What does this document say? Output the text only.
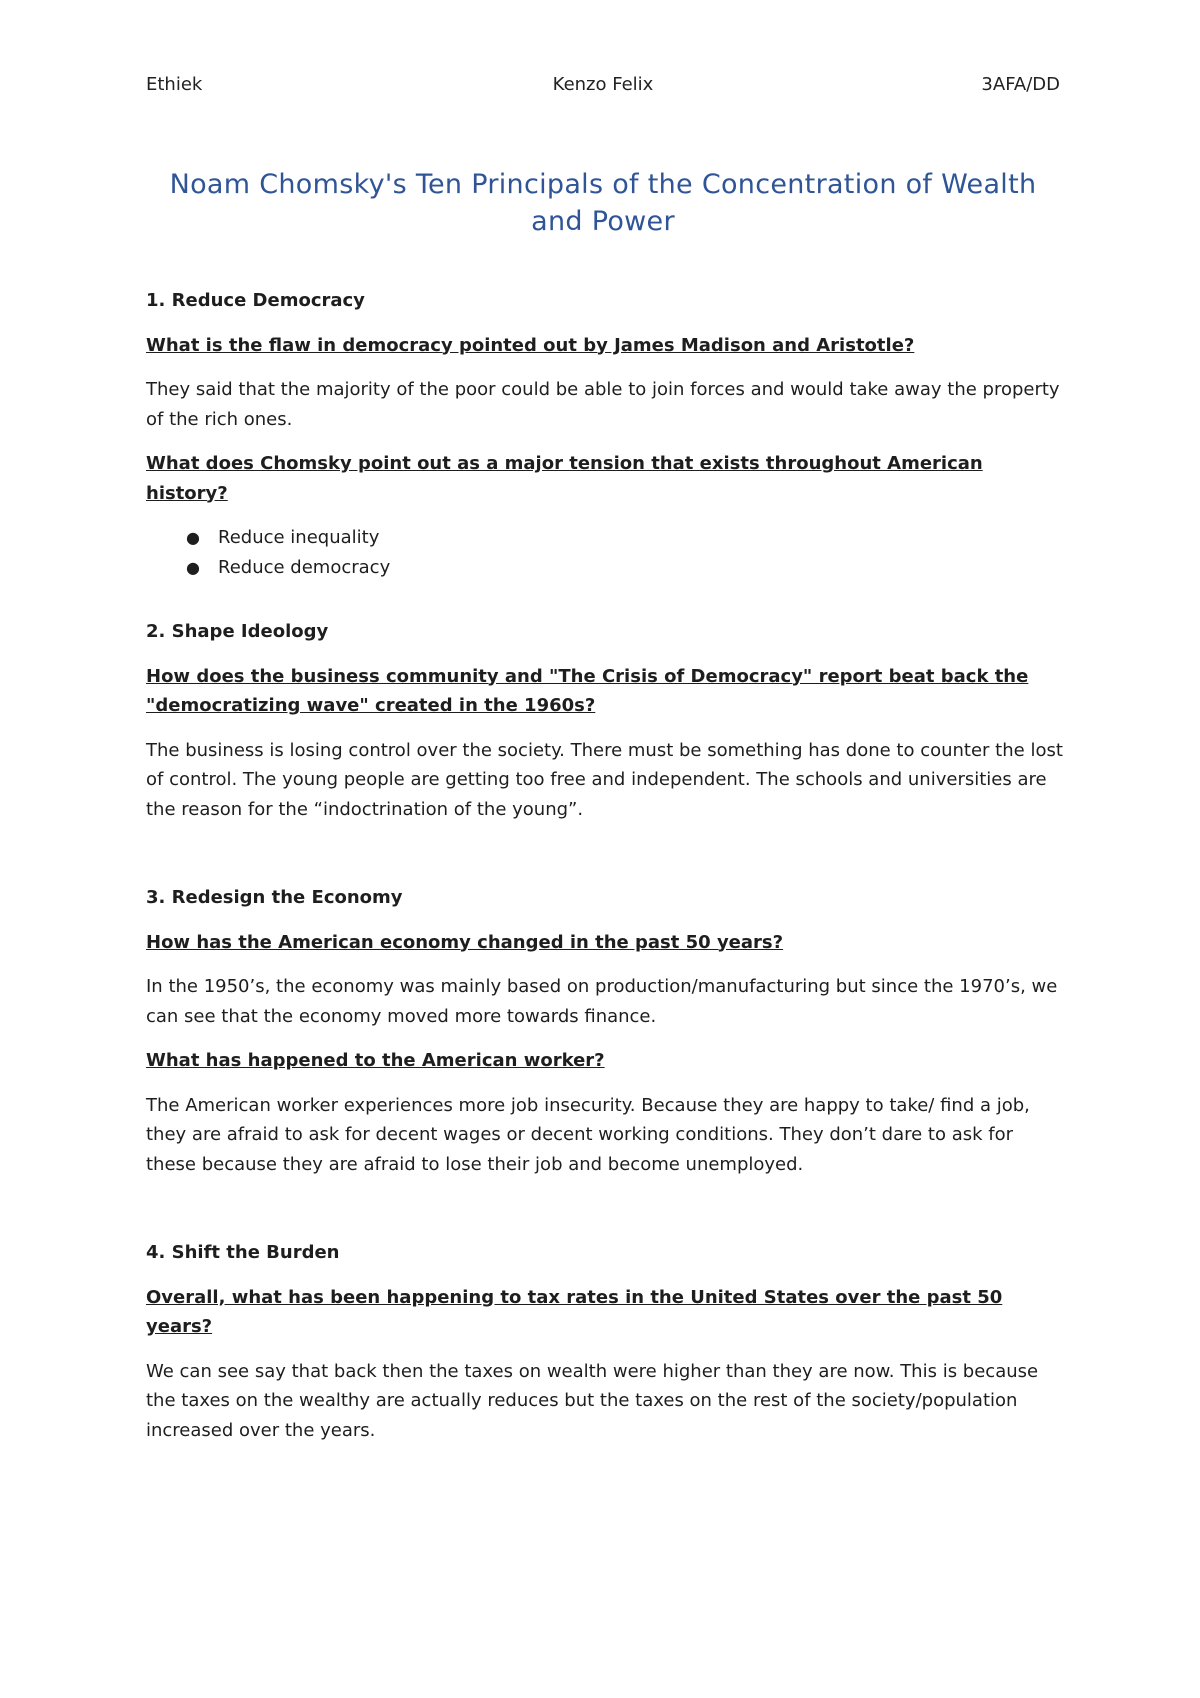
Ethiek	Kenzo Felix	3AFA/DD
Noam Chomsky's Ten Principals of the Concentration of Wealth and Power
1. Reduce Democracy
What is the flaw in democracy pointed out by James Madison and Aristotle?
They said that the majority of the poor could be able to join forces and would take away the property of the rich ones.
What does Chomsky point out as a major tension that exists throughout American history?
● Reduce inequality
● Reduce democracy
2. Shape Ideology
How does the business community and "The Crisis of Democracy" report beat back the "democratizing wave" created in the 1960s?
The business is losing control over the society. There must be something has done to counter the lost of control. The young people are getting too free and independent. The schools and universities are the reason for the “indoctrination of the young”.
3. Redesign the Economy
How has the American economy changed in the past 50 years?
In the 1950’s, the economy was mainly based on production/manufacturing but since the 1970’s, we can see that the economy moved more towards finance.
What has happened to the American worker?
The American worker experiences more job insecurity. Because they are happy to take/ find a job, they are afraid to ask for decent wages or decent working conditions. They don’t dare to ask for these because they are afraid to lose their job and become unemployed.
4. Shift the Burden
Overall, what has been happening to tax rates in the United States over the past 50 years?
We can see say that back then the taxes on wealth were higher than they are now. This is because the taxes on the wealthy are actually reduces but the taxes on the rest of the society/population increased over the years.
